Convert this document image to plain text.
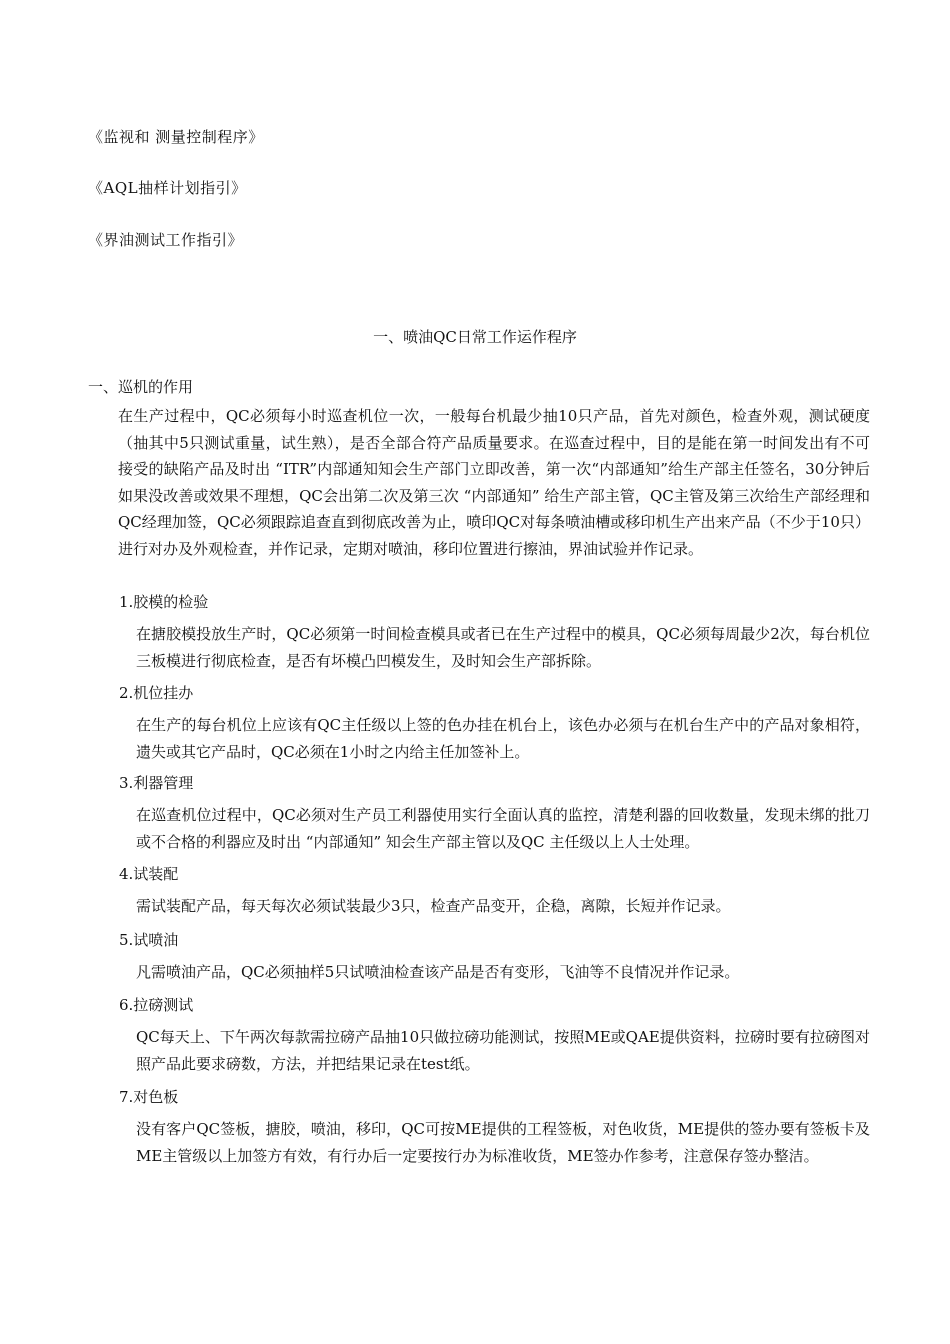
《监视和 测量控制程序》

《AQL抽样计划指引》

《界油测试工作指引》

一、喷油QC日常工作运作程序

一、巡机的作用

在生产过程中，QC必须每小时巡查机位一次，一般每台机最少抽10只产品，首先对颜色，检查外观，测试硬度（抽其中5只测试重量，试生熟），是否全部合符产品质量要求。在巡查过程中，目的是能在第一时间发出有不可接受的缺陷产品及时出 “ITR”内部通知知会生产部门立即改善，第一次“内部通知”给生产部主任签名，30分钟后如果没改善或效果不理想，QC会出第二次及第三次 “内部通知” 给生产部主管，QC主管及第三次给生产部经理和QC经理加签，QC必须跟踪追查直到彻底改善为止，喷印QC对每条喷油槽或移印机生产出来产品（不少于10只）进行对办及外观检查，并作记录，定期对喷油，移印位置进行擦油，界油试验并作记录。

1.胶模的检验

在搪胶模投放生产时，QC必须第一时间检查模具或者已在生产过程中的模具，QC必须每周最少2次，每台机位三板模进行彻底检查，是否有坏模凸凹模发生，及时知会生产部拆除。

2.机位挂办

在生产的每台机位上应该有QC主任级以上签的色办挂在机台上，该色办必须与在机台生产中的产品对象相符，遗失或其它产品时，QC必须在1小时之内给主任加签补上。

3.利器管理

在巡查机位过程中，QC必须对生产员工利器使用实行全面认真的监控，清楚利器的回收数量，发现未绑的批刀或不合格的利器应及时出 “内部通知” 知会生产部主管以及QC 主任级以上人士处理。

4.试装配

需试装配产品，每天每次必须试装最少3只，检查产品变开，企稳，离隙，长短并作记录。

5.试喷油

凡需喷油产品，QC必须抽样5只试喷油检查该产品是否有变形，飞油等不良情况并作记录。

6.拉磅测试

QC每天上、下午两次每款需拉磅产品抽10只做拉磅功能测试，按照ME或QAE提供资料，拉磅时要有拉磅图对照产品此要求磅数，方法，并把结果记录在test纸。

7.对色板

没有客户QC签板，搪胶，喷油，移印，QC可按ME提供的工程签板，对色收货，ME提供的签办要有签板卡及ME主管级以上加签方有效，有行办后一定要按行办为标准收货，ME签办作参考，注意保存签办整洁。
